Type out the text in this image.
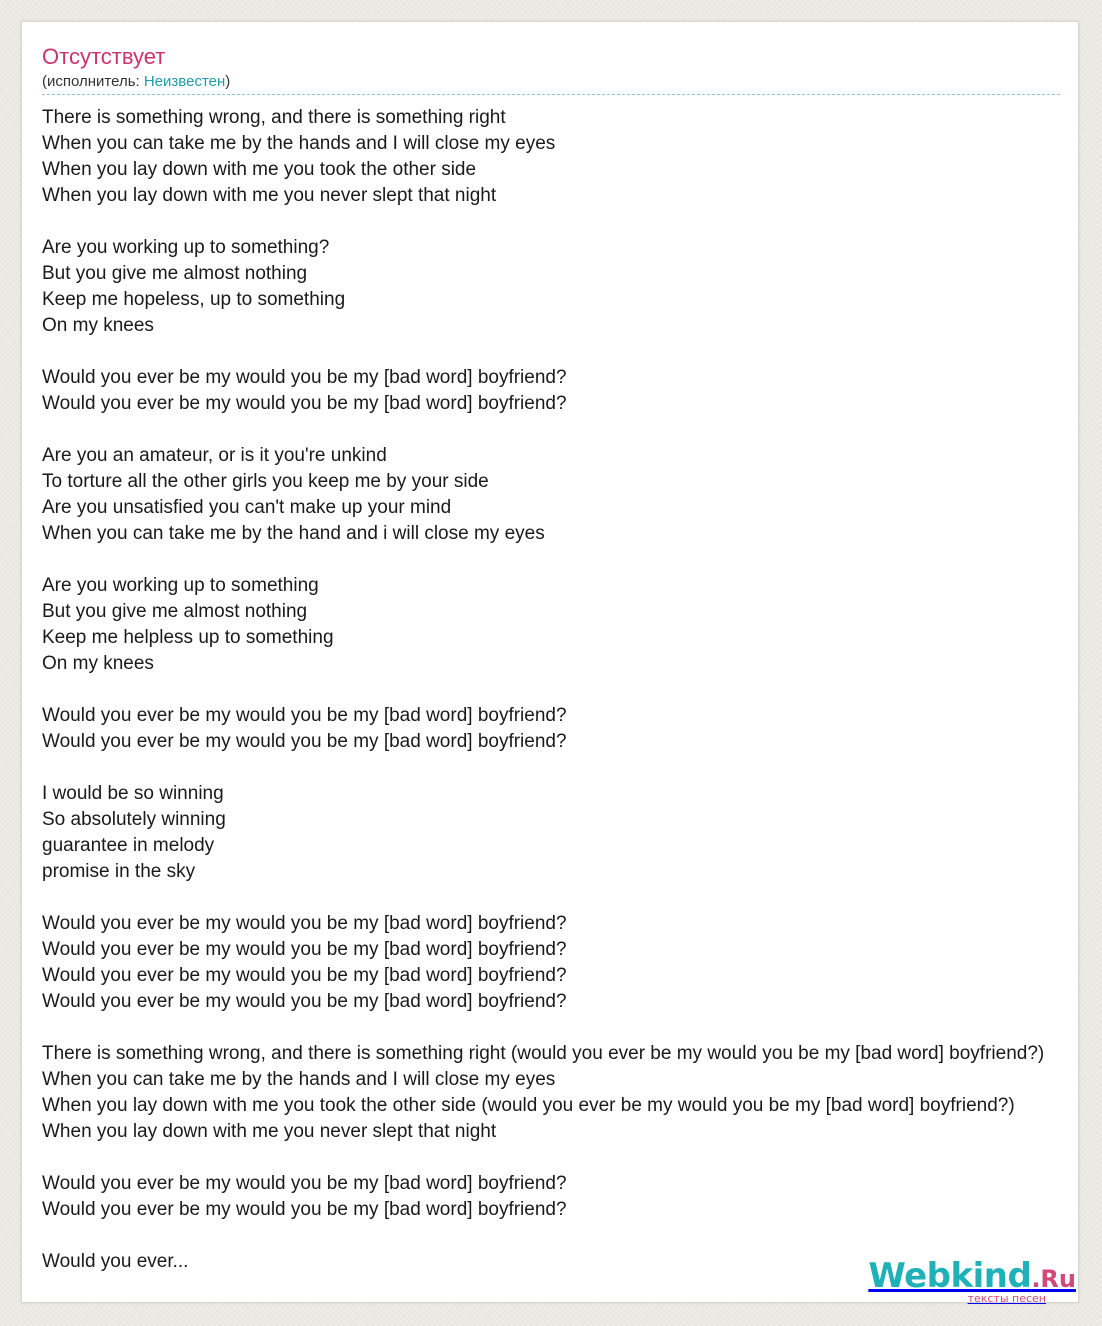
Отсутствует
(исполнитель: Неизвестен)
There is something wrong, and there is something right
When you can take me by the hands and I will close my eyes
When you lay down with me you took the other side
When you lay down with me you never slept that night

Are you working up to something?
But you give me almost nothing
Keep me hopeless, up to something
On my knees

Would you ever be my would you be my [bad word] boyfriend?
Would you ever be my would you be my [bad word] boyfriend?

Are you an amateur, or is it you're unkind
To torture all the other girls you keep me by your side
Are you unsatisfied you can't make up your mind
When you can take me by the hand and i will close my eyes

Are you working up to something
But you give me almost nothing
Keep me helpless up to something
On my knees

Would you ever be my would you be my [bad word] boyfriend?
Would you ever be my would you be my [bad word] boyfriend?

I would be so winning
So absolutely winning
guarantee in melody
promise in the sky

Would you ever be my would you be my [bad word] boyfriend?
Would you ever be my would you be my [bad word] boyfriend?
Would you ever be my would you be my [bad word] boyfriend?
Would you ever be my would you be my [bad word] boyfriend?

There is something wrong, and there is something right (would you ever be my would you be my [bad word] boyfriend?)
When you can take me by the hands and I will close my eyes
When you lay down with me you took the other side (would you ever be my would you be my [bad word] boyfriend?)
When you lay down with me you never slept that night

Would you ever be my would you be my [bad word] boyfriend?
Would you ever be my would you be my [bad word] boyfriend?

Would you ever...	Webkind.Ru
тексты песен
